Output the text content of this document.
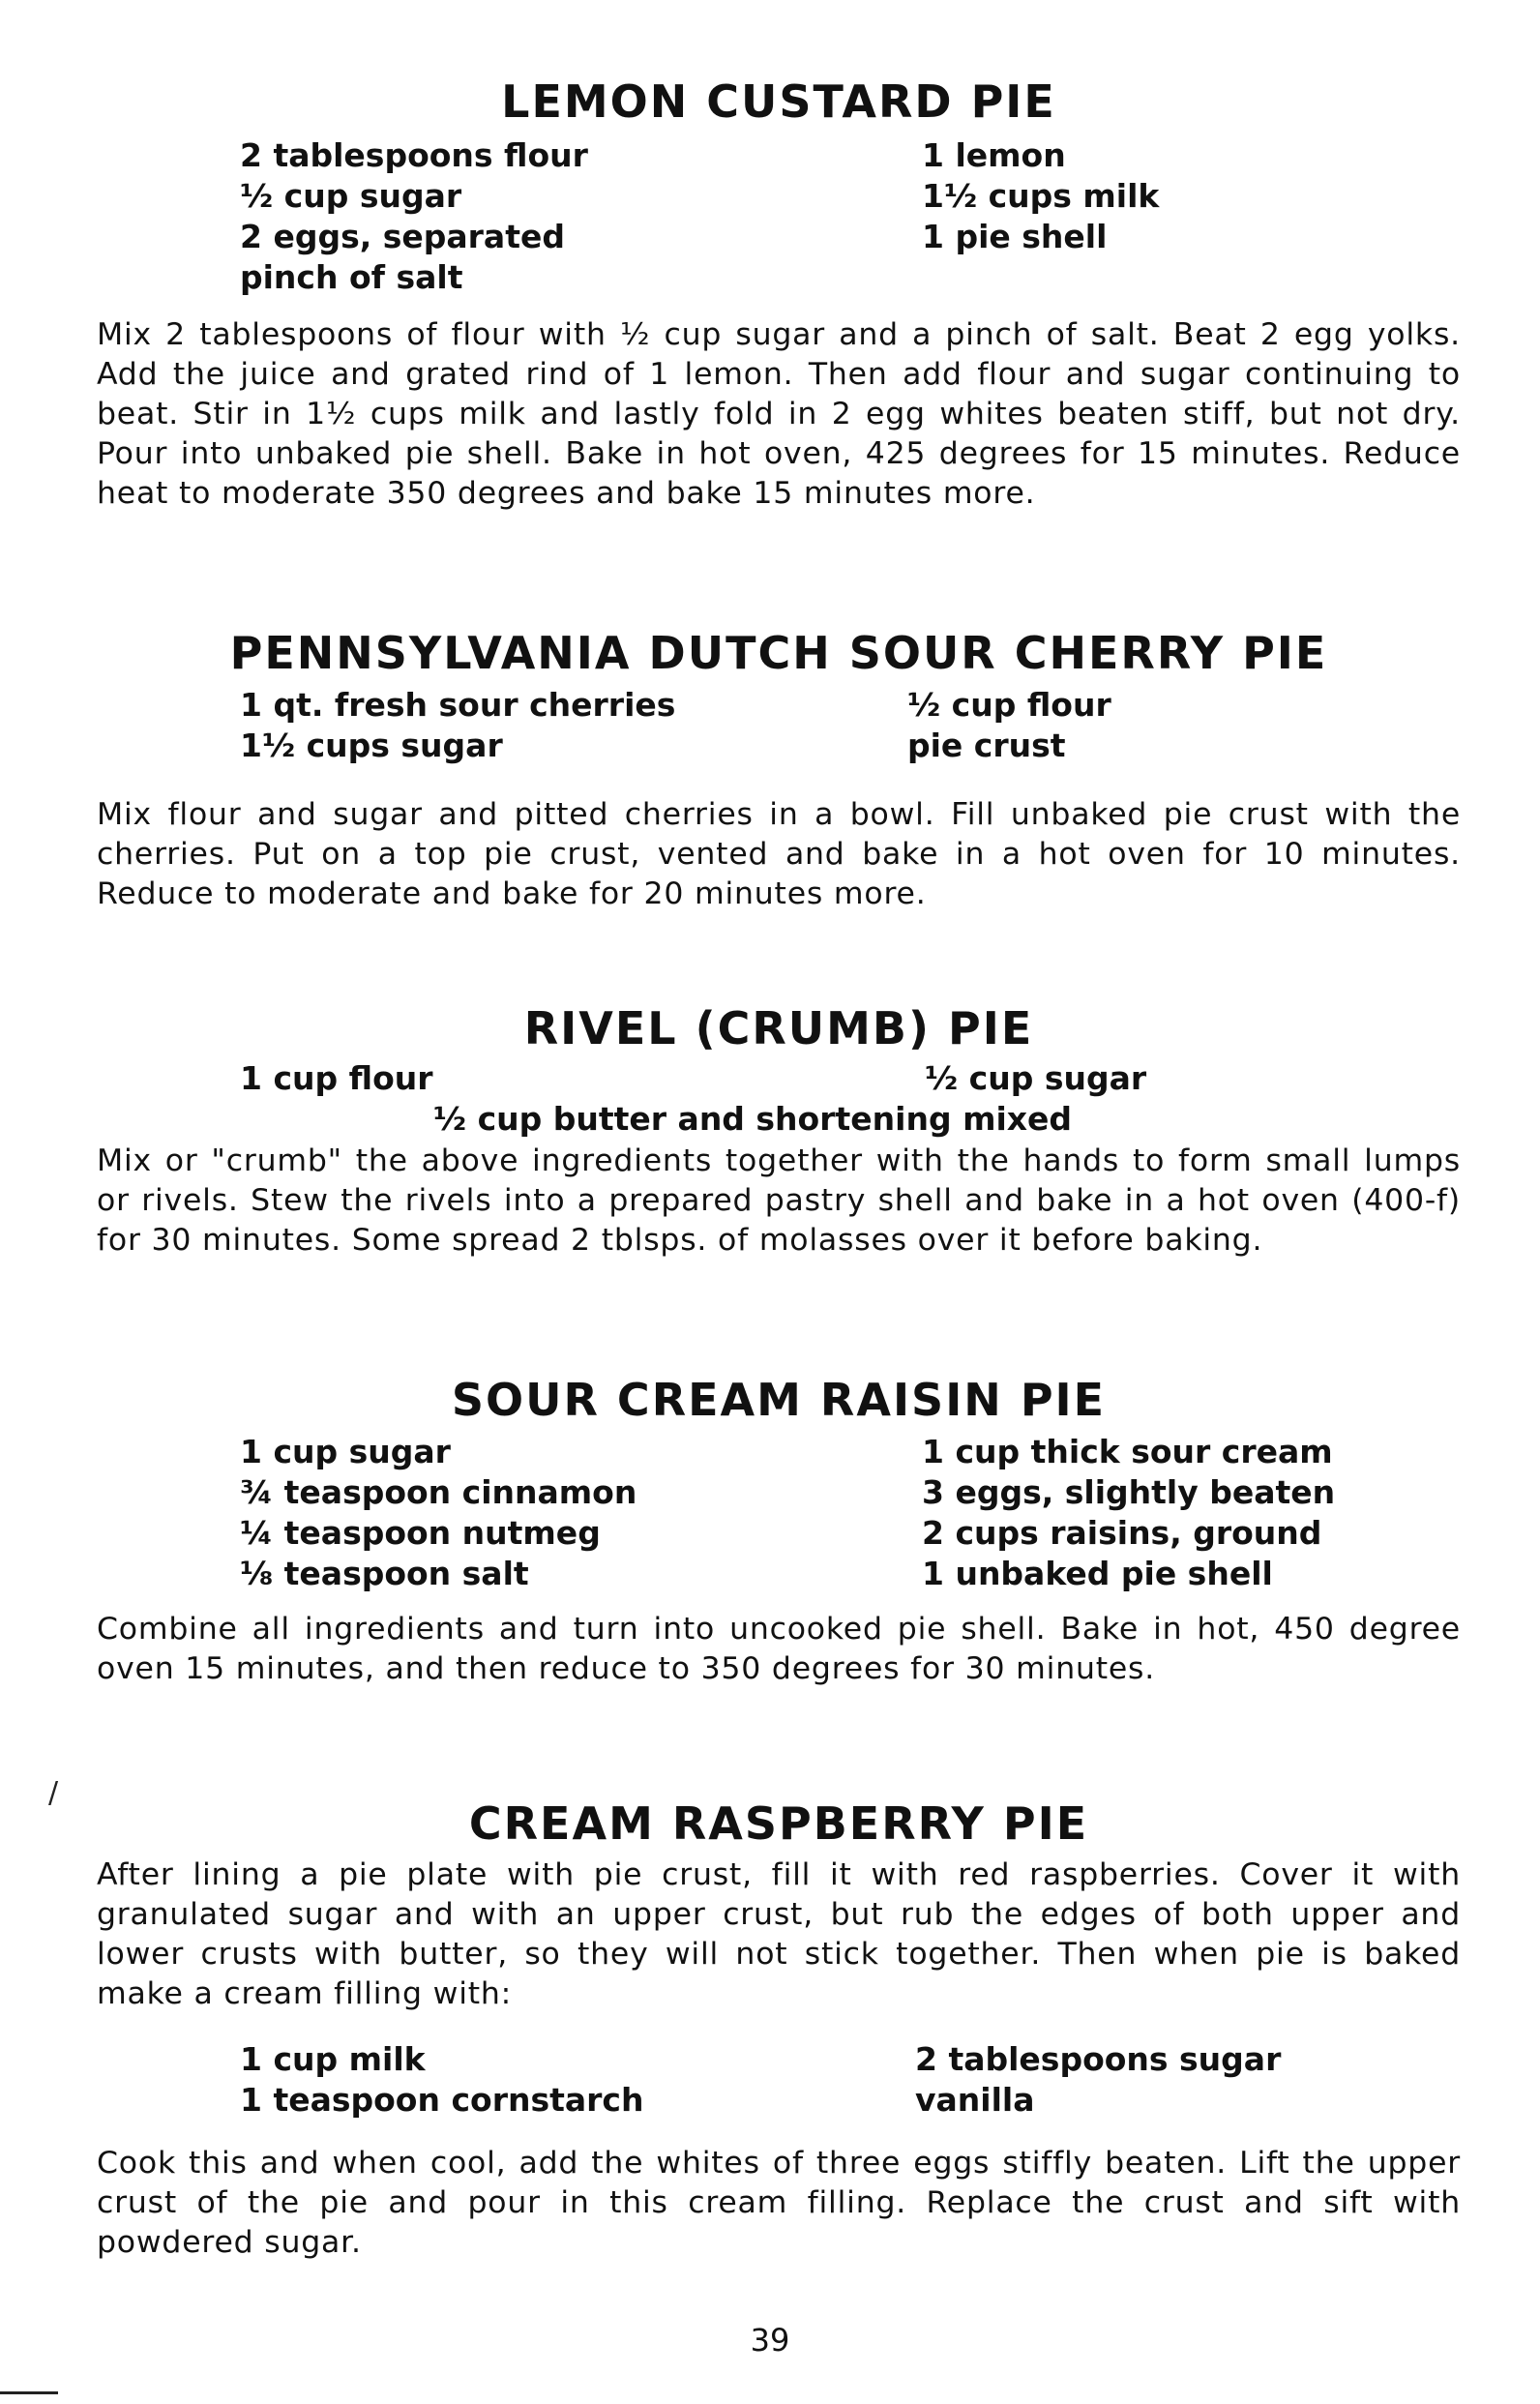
LEMON CUSTARD PIE
2 tablespoons flour
½ cup sugar
2 eggs, separated
pinch of salt
1 lemon
1½ cups milk
1 pie shell

Mix 2 tablespoons of flour with ½ cup sugar and a pinch of salt. Beat 2 egg yolks. Add the juice and grated rind of 1 lemon. Then add flour and sugar continuing to beat. Stir in 1½ cups milk and lastly fold in 2 egg whites beaten stiff, but not dry. Pour into unbaked pie shell. Bake in hot oven, 425 degrees for 15 minutes. Reduce heat to moderate 350 degrees and bake 15 minutes more.

PENNSYLVANIA DUTCH SOUR CHERRY PIE
1 qt. fresh sour cherries
1½ cups sugar
½ cup flour
pie crust

Mix flour and sugar and pitted cherries in a bowl. Fill unbaked pie crust with the cherries. Put on a top pie crust, vented and bake in a hot oven for 10 minutes. Reduce to moderate and bake for 20 minutes more.

RIVEL (CRUMB) PIE
1 cup flour	½ cup sugar
½ cup butter and shortening mixed

Mix or "crumb" the above ingredients together with the hands to form small lumps or rivels. Stew the rivels into a prepared pastry shell and bake in a hot oven (400-f) for 30 minutes. Some spread 2 tblsps. of molasses over it before baking.

SOUR CREAM RAISIN PIE
1 cup sugar
¾ teaspoon cinnamon
¼ teaspoon nutmeg
⅛ teaspoon salt
1 cup thick sour cream
3 eggs, slightly beaten
2 cups raisins, ground
1 unbaked pie shell

Combine all ingredients and turn into uncooked pie shell. Bake in hot, 450 degree oven 15 minutes, and then reduce to 350 degrees for 30 minutes.

/
CREAM RASPBERRY PIE

After lining a pie plate with pie crust, fill it with red raspberries. Cover it with granulated sugar and with an upper crust, but rub the edges of both upper and lower crusts with butter, so they will not stick together. Then when pie is baked make a cream filling with:

1 cup milk
1 teaspoon cornstarch
2 tablespoons sugar
vanilla

Cook this and when cool, add the whites of three eggs stiffly beaten. Lift the upper crust of the pie and pour in this cream filling. Replace the crust and sift with powdered sugar.

39
